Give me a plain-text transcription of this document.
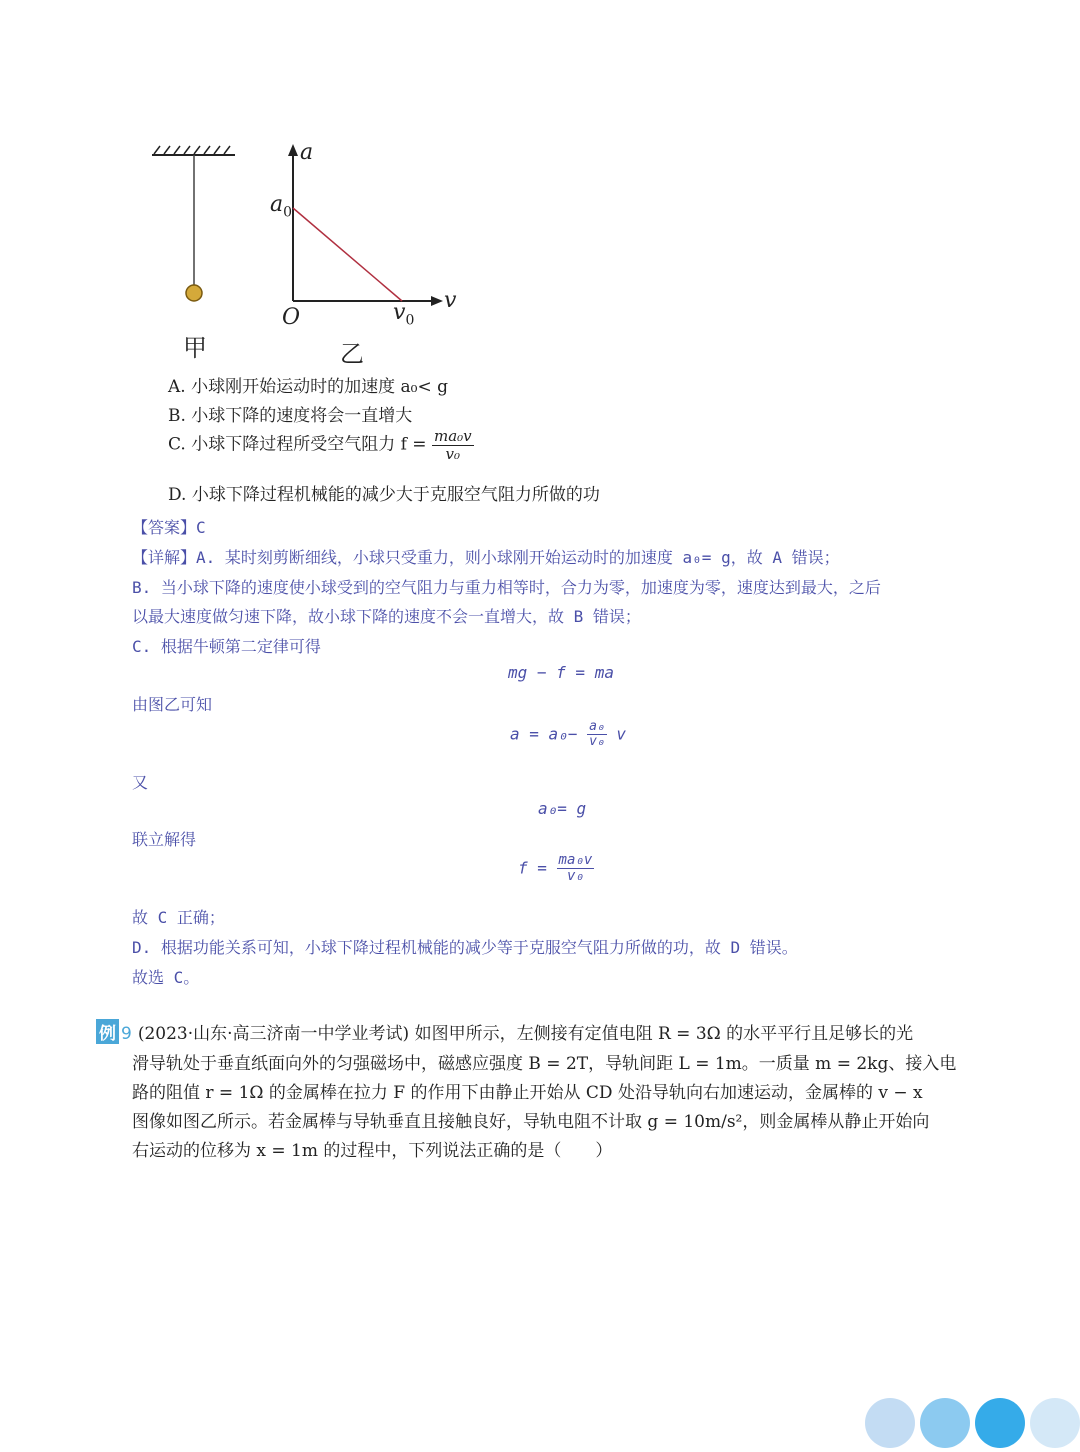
甲
a
v
O
$a_0$
$v_0$
乙
A. 小球刚开始运动时的加速度 a₀< g
B. 小球下降的速度将会一直增大
C. 小球下降过程所受空气阻力 $f = \frac{\text{ma₀v}}{\text{v₀}}$
D. 小球下降过程机械能的减少大于克服空气阻力所做的功
【答案】C
【详解】A. 某时刻剪断细线，小球只受重力，则小球刚开始运动时的加速度 a₀= g，故 A 错误；
B. 当小球下降的速度使小球受到的空气阻力与重力相等时，合力为零，加速度为零，速度达到最大，之后
以最大速度做匀速下降，故小球下降的速度不会一直增大，故 B 错误；
C. 根据牛顿第二定律可得
mg − f = ma
由图乙可知
$a = a_0- \frac{\text{a₀}}{\text{v₀}}$ v
又
a₀= g
联立解得
$f = \frac{\text{ma₀v}}{\text{v₀}}$
故 C 正确；
D. 根据功能关系可知，小球下降过程机械能的减少等于克服空气阻力所做的功，故 D 错误。
故选 C。
例 9 (2023·山东·高三济南一中学业考试) 如图甲所示，左侧接有定值电阻 R = 3Ω 的水平平行且足够长的光
滑导轨处于垂直纸面向外的匀强磁场中，磁感应强度 B = 2T，导轨间距 L = 1m。一质量 m = 2kg、接入电
路的阻值 r = 1Ω 的金属棒在拉力 F 的作用下由静止开始从 CD 处沿导轨向右加速运动，金属棒的 v − x
图像如图乙所示。若金属棒与导轨垂直且接触良好，导轨电阻不计取 g = 10m/s²，则金属棒从静止开始向
右运动的位移为 x = 1m 的过程中，下列说法正确的是（　　）
